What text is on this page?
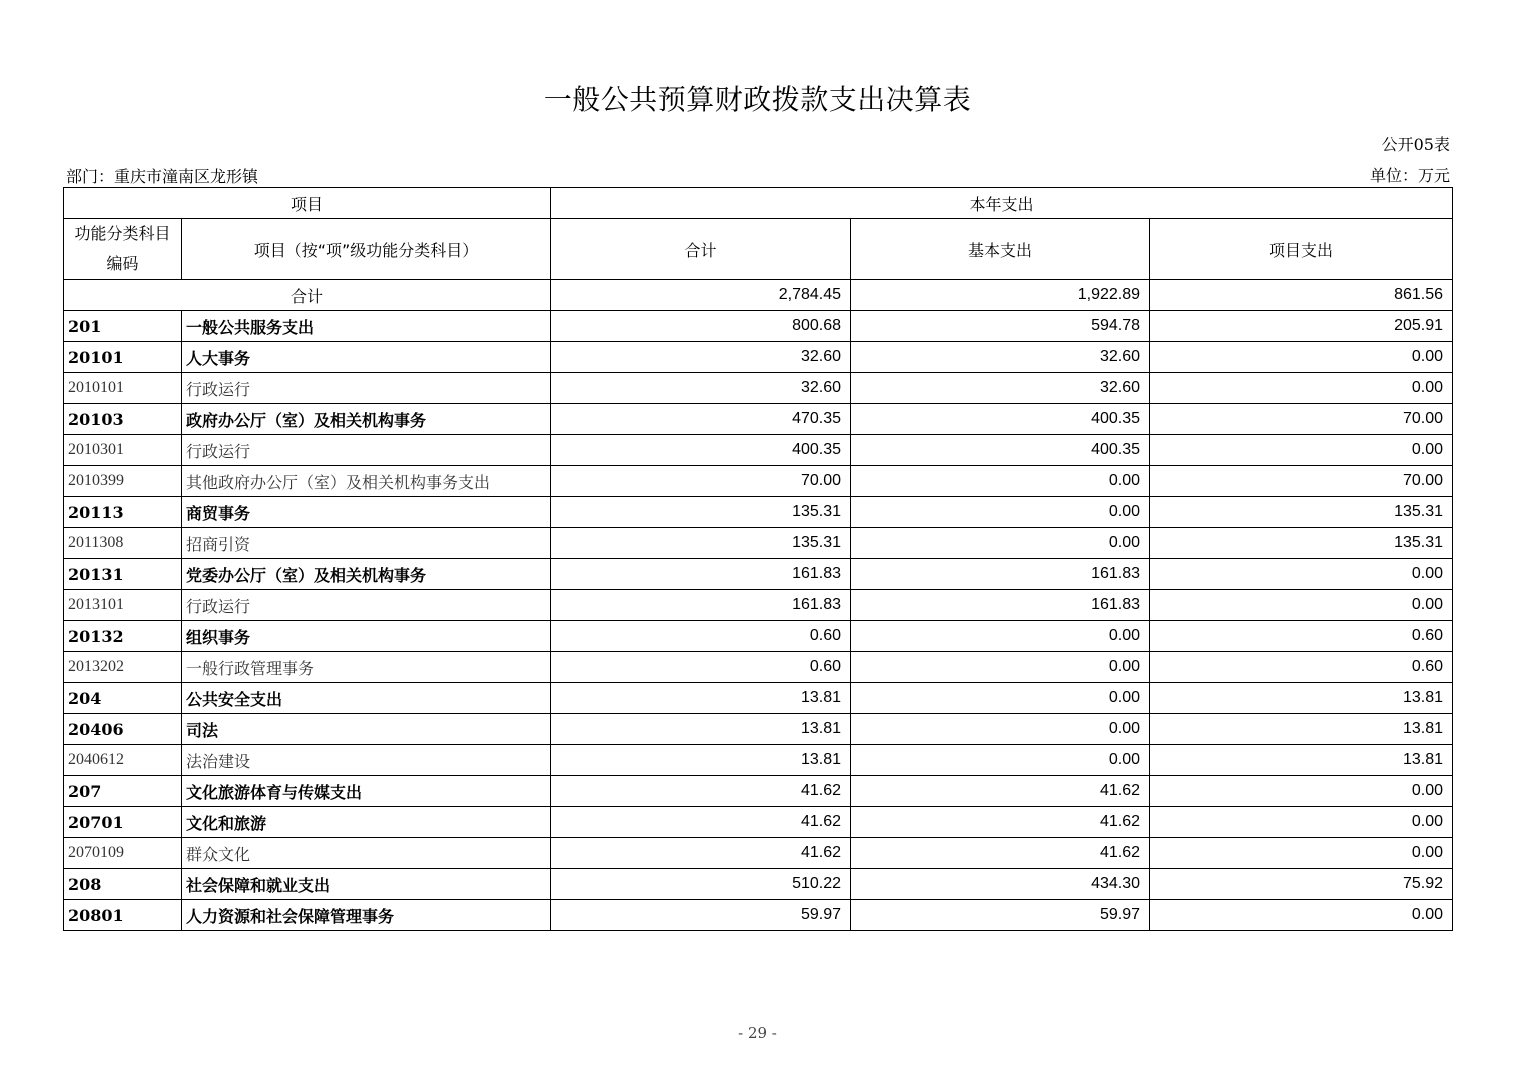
一般公共预算财政拨款支出决算表
公开05表
部门：重庆市潼南区龙形镇	单位：万元
项目		本年支出		
功能分类科目编码	项目（按“项”级功能分类科目）	合计	基本支出	项目支出
合计		2,784.45	1,922.89	861.56
201	一般公共服务支出	800.68	594.78	205.91
20101	人大事务	32.60	32.60	0.00
2010101	行政运行	32.60	32.60	0.00
20103	政府办公厅（室）及相关机构事务	470.35	400.35	70.00
2010301	行政运行	400.35	400.35	0.00
2010399	其他政府办公厅（室）及相关机构事务支出	70.00	0.00	70.00
20113	商贸事务	135.31	0.00	135.31
2011308	招商引资	135.31	0.00	135.31
20131	党委办公厅（室）及相关机构事务	161.83	161.83	0.00
2013101	行政运行	161.83	161.83	0.00
20132	组织事务	0.60	0.00	0.60
2013202	一般行政管理事务	0.60	0.00	0.60
204	公共安全支出	13.81	0.00	13.81
20406	司法	13.81	0.00	13.81
2040612	法治建设	13.81	0.00	13.81
207	文化旅游体育与传媒支出	41.62	41.62	0.00
20701	文化和旅游	41.62	41.62	0.00
2070109	群众文化	41.62	41.62	0.00
208	社会保障和就业支出	510.22	434.30	75.92
20801	人力资源和社会保障管理事务	59.97	59.97	0.00
- 29 -
